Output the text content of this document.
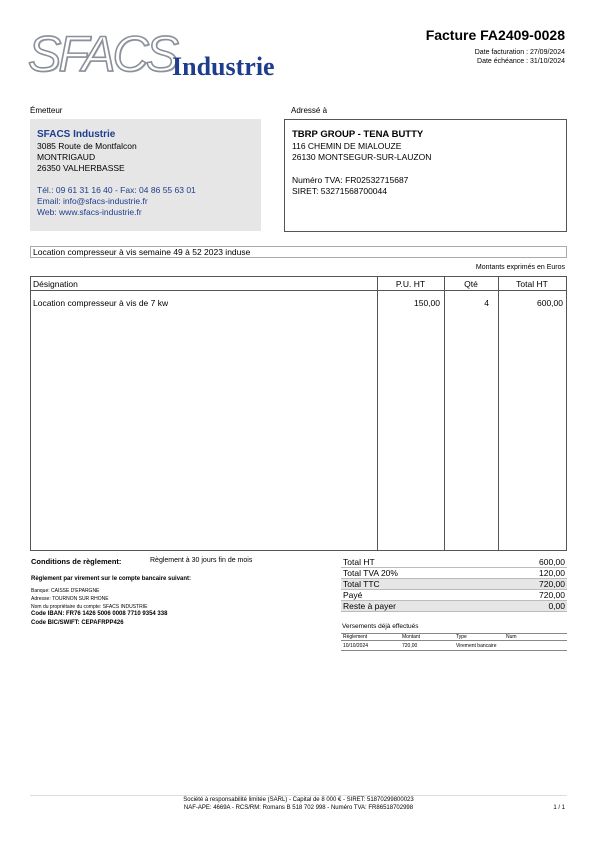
SFACS
Industrie
Facture FA2409-0028
Date facturation : 27/09/2024
Date échéance : 31/10/2024
Émetteur
SFACS Industrie
3085 Route de Montfalcon
MONTRIGAUD
26350 VALHERBASSE
Tél.: 09 61 31 16 40 - Fax: 04 86 55 63 01
Email: info@sfacs-industrie.fr
Web: www.sfacs-industrie.fr
Adressé à
TBRP GROUP - TENA BUTTY
116 CHEMIN DE MIALOUZE
26130 MONTSEGUR-SUR-LAUZON
Numéro TVA: FR02532715687
SIRET: 53271568700044
Location compresseur à vis semaine 49 à 52 2023 induse
Montants exprimés en Euros
Désignation	P.U. HT	Qté	Total HT
Location compresseur à vis de 7 kw	150,00	4	600,00
Conditions de règlement:	Règlement à 30 jours fin de mois
Règlement par virement sur le compte bancaire suivant:
Banque: CAISSE D'EPARGNE
Adresse: TOURNON SUR RHONE
Nom du propriétaire du compte: SFACS INDUSTRIE
Code IBAN: FR76 1426 5006 0008 7710 9354 338
Code BIC/SWIFT: CEPAFRPP426
Total HT	600,00
Total TVA 20%	120,00
Total TTC	720,00
Payé	720,00
Reste à payer	0,00
Versements déjà effectués
Règlement	Montant	Type	Num
10/10/2024	720,00	Virement bancaire
Société à responsabilité limitée (SARL) - Capital de 8 000 € - SIRET: 51870299800023
NAF-APE: 4669A - RCS/RM: Romans B 518 702 998 - Numéro TVA: FR86518702998	1 / 1
